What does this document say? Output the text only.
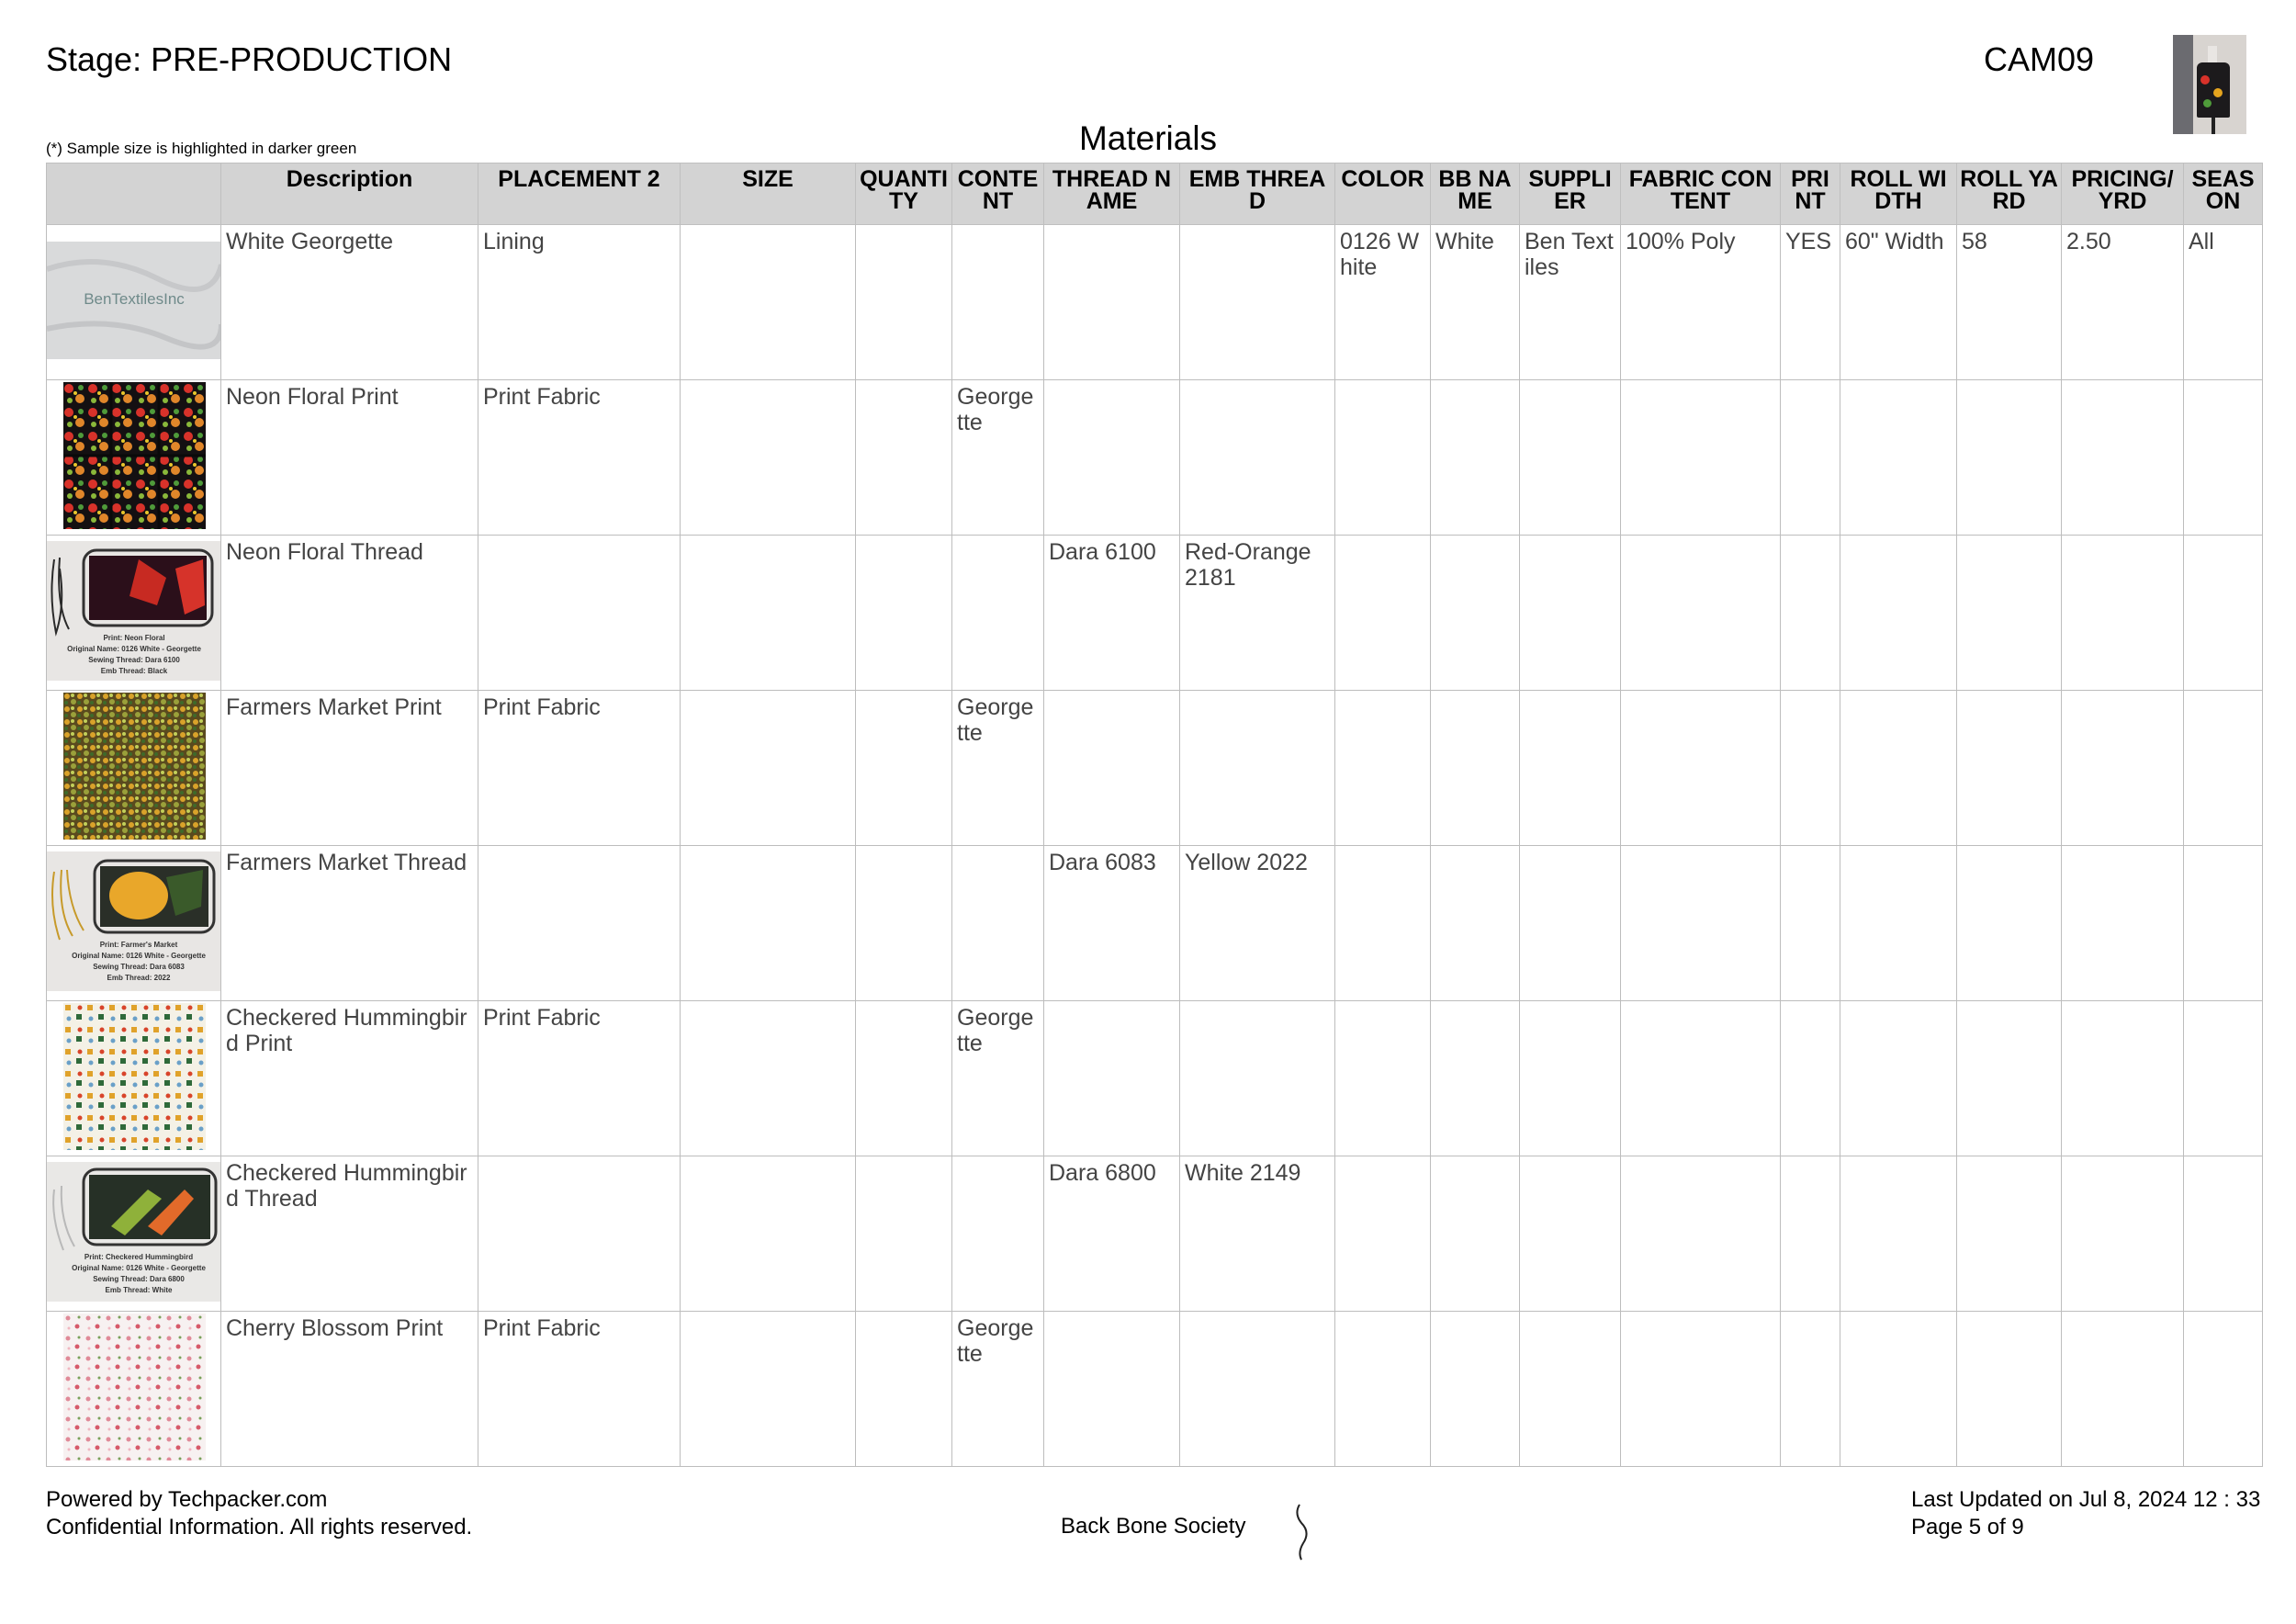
Stage: PRE-PRODUCTION	CAM09
Materials
(*) Sample size is highlighted in darker green
	Description	PLACEMENT 2	SIZE	QUANTITY	CONTENT	THREAD NAME	EMB THREAD	COLOR	BB NAME	SUPPLIER	FABRIC CONTENT	PRINT	ROLL WIDTH	ROLL YARD	PRICING/YRD	SEASON

BenTextilesInc	White Georgette	Lining						0126 White	White	Ben Textiles	100% Poly	YES	60" Width	58	2.50	All

	Neon Floral Print	Print Fabric			Georgette											

Print: Neon Floral
Original Name: 0126 White - Georgette
Sewing Thread: Dara 6100
Emb Thread: Black	Neon Floral Thread					Dara 6100	Red-Orange 2181									

	Farmers Market Print	Print Fabric			Georgette											

Print: Farmer's Market
Original Name: 0126 White - Georgette
Sewing Thread: Dara 6083
Emb Thread: 2022	Farmers Market Thread					Dara 6083	Yellow 2022									

	Checkered Hummingbird Print	Print Fabric			Georgette											

Print: Checkered Hummingbird
Original Name: 0126 White - Georgette
Sewing Thread: Dara 6800
Emb Thread: White	Checkered Hummingbird Thread					Dara 6800	White 2149									

	Cherry Blossom Print	Print Fabric			Georgette											
Powered by Techpacker.com
Confidential Information. All rights reserved.	Back Bone Society
Last Updated on Jul 8, 2024 12 : 33
Page 5 of 9
